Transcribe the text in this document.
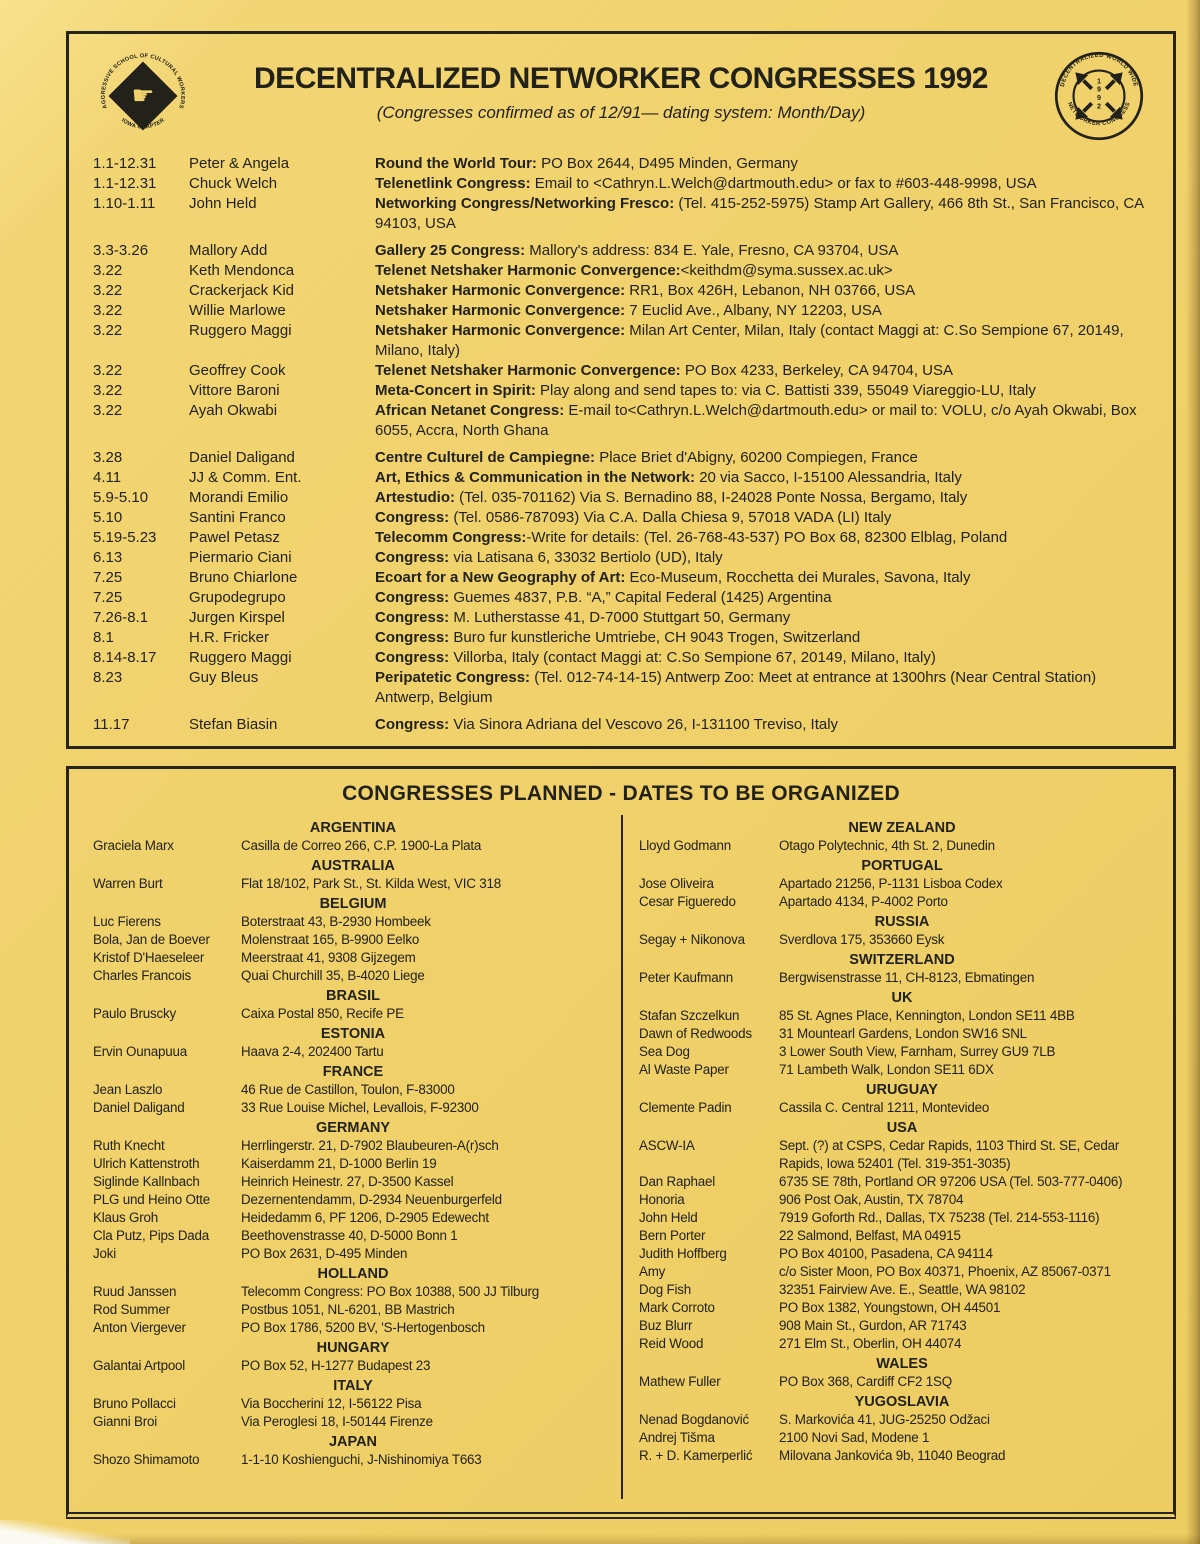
☛
AGGRESSIVE SCHOOL OF CULTURAL WORKERS
IOWA CHAPTER
DECENTRALIZED NETWORKER CONGRESSES 1992
(Congresses confirmed as of 12/91— dating system: Month/Day)
1 9 9 2
DECENTRALIZED WORLD WIDE
NETWORKER CONGRESS
1.1-12.31	Peter & Angela	Round the World Tour: PO Box 2644, D495 Minden, Germany
1.1-12.31	Chuck Welch	Telenetlink Congress: Email to <Cathryn.L.Welch@dartmouth.edu> or fax to #603-448-9998, USA
1.10-1.11	John Held	Networking Congress/Networking Fresco: (Tel. 415-252-5975) Stamp Art Gallery, 466 8th St., San Francisco, CA 94103, USA
3.3-3.26	Mallory Add	Gallery 25 Congress: Mallory's address: 834 E. Yale, Fresno, CA 93704, USA
3.22	Keth Mendonca	Telenet Netshaker Harmonic Convergence:<keithdm@syma.sussex.ac.uk>
3.22	Crackerjack Kid	Netshaker Harmonic Convergence: RR1, Box 426H, Lebanon, NH 03766, USA
3.22	Willie Marlowe	Netshaker Harmonic Convergence: 7 Euclid Ave., Albany, NY 12203, USA
3.22	Ruggero Maggi	Netshaker Harmonic Convergence: Milan Art Center, Milan, Italy (contact Maggi at: C.So Sempione 67, 20149, Milano, Italy)
3.22	Geoffrey Cook	Telenet Netshaker Harmonic Convergence: PO Box 4233, Berkeley, CA 94704, USA
3.22	Vittore Baroni	Meta-Concert in Spirit: Play along and send tapes to: via C. Battisti 339, 55049 Viareggio-LU, Italy
3.22	Ayah Okwabi	African Netanet Congress: E-mail to<Cathryn.L.Welch@dartmouth.edu> or mail to: VOLU, c/o Ayah Okwabi, Box 6055, Accra, North Ghana
3.28	Daniel Daligand	Centre Culturel de Campiegne: Place Briet d'Abigny, 60200 Compiegen, France
4.11	JJ & Comm. Ent.	Art, Ethics & Communication in the Network: 20 via Sacco, I-15100 Alessandria, Italy
5.9-5.10	Morandi Emilio	Artestudio: (Tel. 035-701162) Via S. Bernadino 88, I-24028 Ponte Nossa, Bergamo, Italy
5.10	Santini Franco	Congress: (Tel. 0586-787093) Via C.A. Dalla Chiesa 9, 57018 VADA (LI) Italy
5.19-5.23	Pawel Petasz	Telecomm Congress:-Write for details: (Tel. 26-768-43-537) PO Box 68, 82300 Elblag, Poland
6.13	Piermario Ciani	Congress: via Latisana 6, 33032 Bertiolo (UD), Italy
7.25	Bruno Chiarlone	Ecoart for a New Geography of Art: Eco-Museum, Rocchetta dei Murales, Savona, Italy
7.25	Grupodegrupo	Congress: Guemes 4837, P.B. “A,” Capital Federal (1425) Argentina
7.26-8.1	Jurgen Kirspel	Congress: M. Lutherstasse 41, D-7000 Stuttgart 50, Germany
8.1	H.R. Fricker	Congress: Buro fur kunstleriche Umtriebe, CH 9043 Trogen, Switzerland
8.14-8.17	Ruggero Maggi	Congress: Villorba, Italy (contact Maggi at: C.So Sempione 67, 20149, Milano, Italy)
8.23	Guy Bleus	Peripatetic Congress: (Tel. 012-74-14-15) Antwerp Zoo: Meet at entrance at 1300hrs (Near Central Station) Antwerp, Belgium
11.17	Stefan Biasin	Congress: Via Sinora Adriana del Vescovo 26, I-131100 Treviso, Italy
CONGRESSES PLANNED - DATES TO BE ORGANIZED
ARGENTINA
Graciela Marx	Casilla de Correo 266, C.P. 1900-La Plata
AUSTRALIA
Warren Burt	Flat 18/102, Park St., St. Kilda West, VIC 318
BELGIUM
Luc Fierens	Boterstraat 43, B-2930 Hombeek
Bola, Jan de Boever	Molenstraat 165, B-9900 Eelko
Kristof D'Haeseleer	Meerstraat 41, 9308 Gijzegem
Charles Francois	Quai Churchill 35, B-4020 Liege
BRASIL
Paulo Bruscky	Caixa Postal 850, Recife PE
ESTONIA
Ervin Ounapuua	Haava 2-4, 202400 Tartu
FRANCE
Jean Laszlo	46 Rue de Castillon, Toulon, F-83000
Daniel Daligand	33 Rue Louise Michel, Levallois, F-92300
GERMANY
Ruth Knecht	Herrlingerstr. 21, D-7902 Blaubeuren-A(r)sch
Ulrich Kattenstroth	Kaiserdamm 21, D-1000 Berlin 19
Siglinde Kallnbach	Heinrich Heinestr. 27, D-3500 Kassel
PLG und Heino Otte	Dezernentendamm, D-2934 Neuenburgerfeld
Klaus Groh	Heidedamm 6, PF 1206, D-2905 Edewecht
Cla Putz, Pips Dada	Beethovenstrasse 40, D-5000 Bonn 1
Joki	PO Box 2631, D-495 Minden
HOLLAND
Ruud Janssen	Telecomm Congress: PO Box 10388, 500 JJ Tilburg
Rod Summer	Postbus 1051, NL-6201, BB Mastrich
Anton Viergever	PO Box 1786, 5200 BV, 'S-Hertogenbosch
HUNGARY
Galantai Artpool	PO Box 52, H-1277 Budapest 23
ITALY
Bruno Pollacci	Via Boccherini 12, I-56122 Pisa
Gianni Broi	Via Peroglesi 18, I-50144 Firenze
JAPAN
Shozo Shimamoto	1-1-10 Koshienguchi, J-Nishinomiya T663
NEW ZEALAND
Lloyd Godmann	Otago Polytechnic, 4th St. 2, Dunedin
PORTUGAL
Jose Oliveira	Apartado 21256, P-1131 Lisboa Codex
Cesar Figueredo	Apartado 4134, P-4002 Porto
RUSSIA
Segay + Nikonova	Sverdlova 175, 353660 Eysk
SWITZERLAND
Peter Kaufmann	Bergwisenstrasse 11, CH-8123, Ebmatingen
UK
Stafan Szczelkun	85 St. Agnes Place, Kennington, London SE11 4BB
Dawn of Redwoods	31 Mountearl Gardens, London SW16 SNL
Sea Dog	3 Lower South View, Farnham, Surrey GU9 7LB
Al Waste Paper	71 Lambeth Walk, London SE11 6DX
URUGUAY
Clemente Padin	Cassila C. Central 1211, Montevideo
USA
ASCW-IA	Sept. (?) at CSPS, Cedar Rapids, 1103 Third St. SE, Cedar Rapids, Iowa 52401 (Tel. 319-351-3035)
Dan Raphael	6735 SE 78th, Portland OR 97206 USA (Tel. 503-777-0406)
Honoria	906 Post Oak, Austin, TX 78704
John Held	7919 Goforth Rd., Dallas, TX 75238 (Tel. 214-553-1116)
Bern Porter	22 Salmond, Belfast, MA 04915
Judith Hoffberg	PO Box 40100, Pasadena, CA 94114
Amy	c/o Sister Moon, PO Box 40371, Phoenix, AZ 85067-0371
Dog Fish	32351 Fairview Ave. E., Seattle, WA 98102
Mark Corroto	PO Box 1382, Youngstown, OH 44501
Buz Blurr	908 Main St., Gurdon, AR 71743
Reid Wood	271 Elm St., Oberlin, OH 44074
WALES
Mathew Fuller	PO Box 368, Cardiff CF2 1SQ
YUGOSLAVIA
Nenad Bogdanović	S. Markovića 41, JUG-25250 Odžaci
Andrej Tišma	2100 Novi Sad, Modene 1
R. + D. Kamerperlić	Milovana Jankovića 9b, 11040 Beograd
